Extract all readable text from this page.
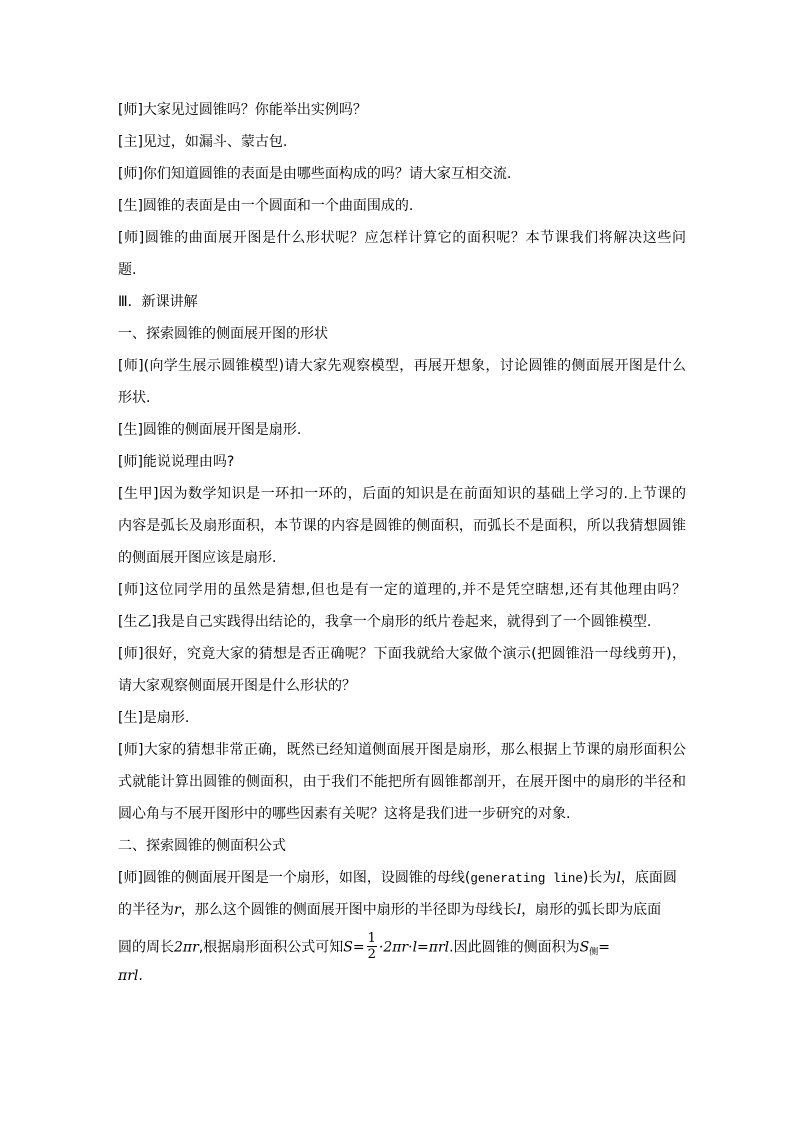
[师]大家见过圆锥吗？你能举出实例吗？
[主]见过，如漏斗、蒙古包.
[师]你们知道圆锥的表面是由哪些面构成的吗？请大家互相交流.
[生]圆锥的表面是由一个圆面和一个曲面围成的.
[师]圆锥的曲面展开图是什么形状呢？应怎样计算它的面积呢？本节课我们将解决这些问
题.
Ⅲ．新课讲解
一、探索圆锥的侧面展开图的形状
[师](向学生展示圆锥模型)请大家先观察模型，再展开想象，讨论圆锥的侧面展开图是什么
形状.
[生]圆锥的侧面展开图是扇形.
[师]能说说理由吗?
[生甲]因为数学知识是一环扣一环的，后面的知识是在前面知识的基础上学习的.上节课的
内容是弧长及扇形面积，本节课的内容是圆锥的侧面积，而弧长不是面积，所以我猜想圆锥
的侧面展开图应该是扇形.
[师]这位同学用的虽然是猜想,但也是有一定的道理的,并不是凭空瞎想,还有其他理由吗？
[生乙]我是自己实践得出结论的，我拿一个扇形的纸片卷起来，就得到了一个圆锥模型.
[师]很好，究竟大家的猜想是否正确呢？下面我就给大家做个演示(把圆锥沿一母线剪开)，
请大家观察侧面展开图是什么形状的？
[生]是扇形.
[师]大家的猜想非常正确，既然已经知道侧面展开图是扇形，那么根据上节课的扇形面积公
式就能计算出圆锥的侧面积，由于我们不能把所有圆锥都剖开，在展开图中的扇形的半径和
圆心角与不展开图形中的哪些因素有关呢？这将是我们进一步研究的对象.
二、探索圆锥的侧面积公式
[师]圆锥的侧面展开图是一个扇形，如图，设圆锥的母线(generating line)长为l，底面圆
的半径为r，那么这个圆锥的侧面展开图中扇形的半径即为母线长l，扇形的弧长即为底面
圆的周长2πr,根据扇形面积公式可知$S= \frac{1}{2} \cdot 2\pi r\cdot l=\pi rl$.因此圆锥的侧面积为$S_侧=$
πrl.
